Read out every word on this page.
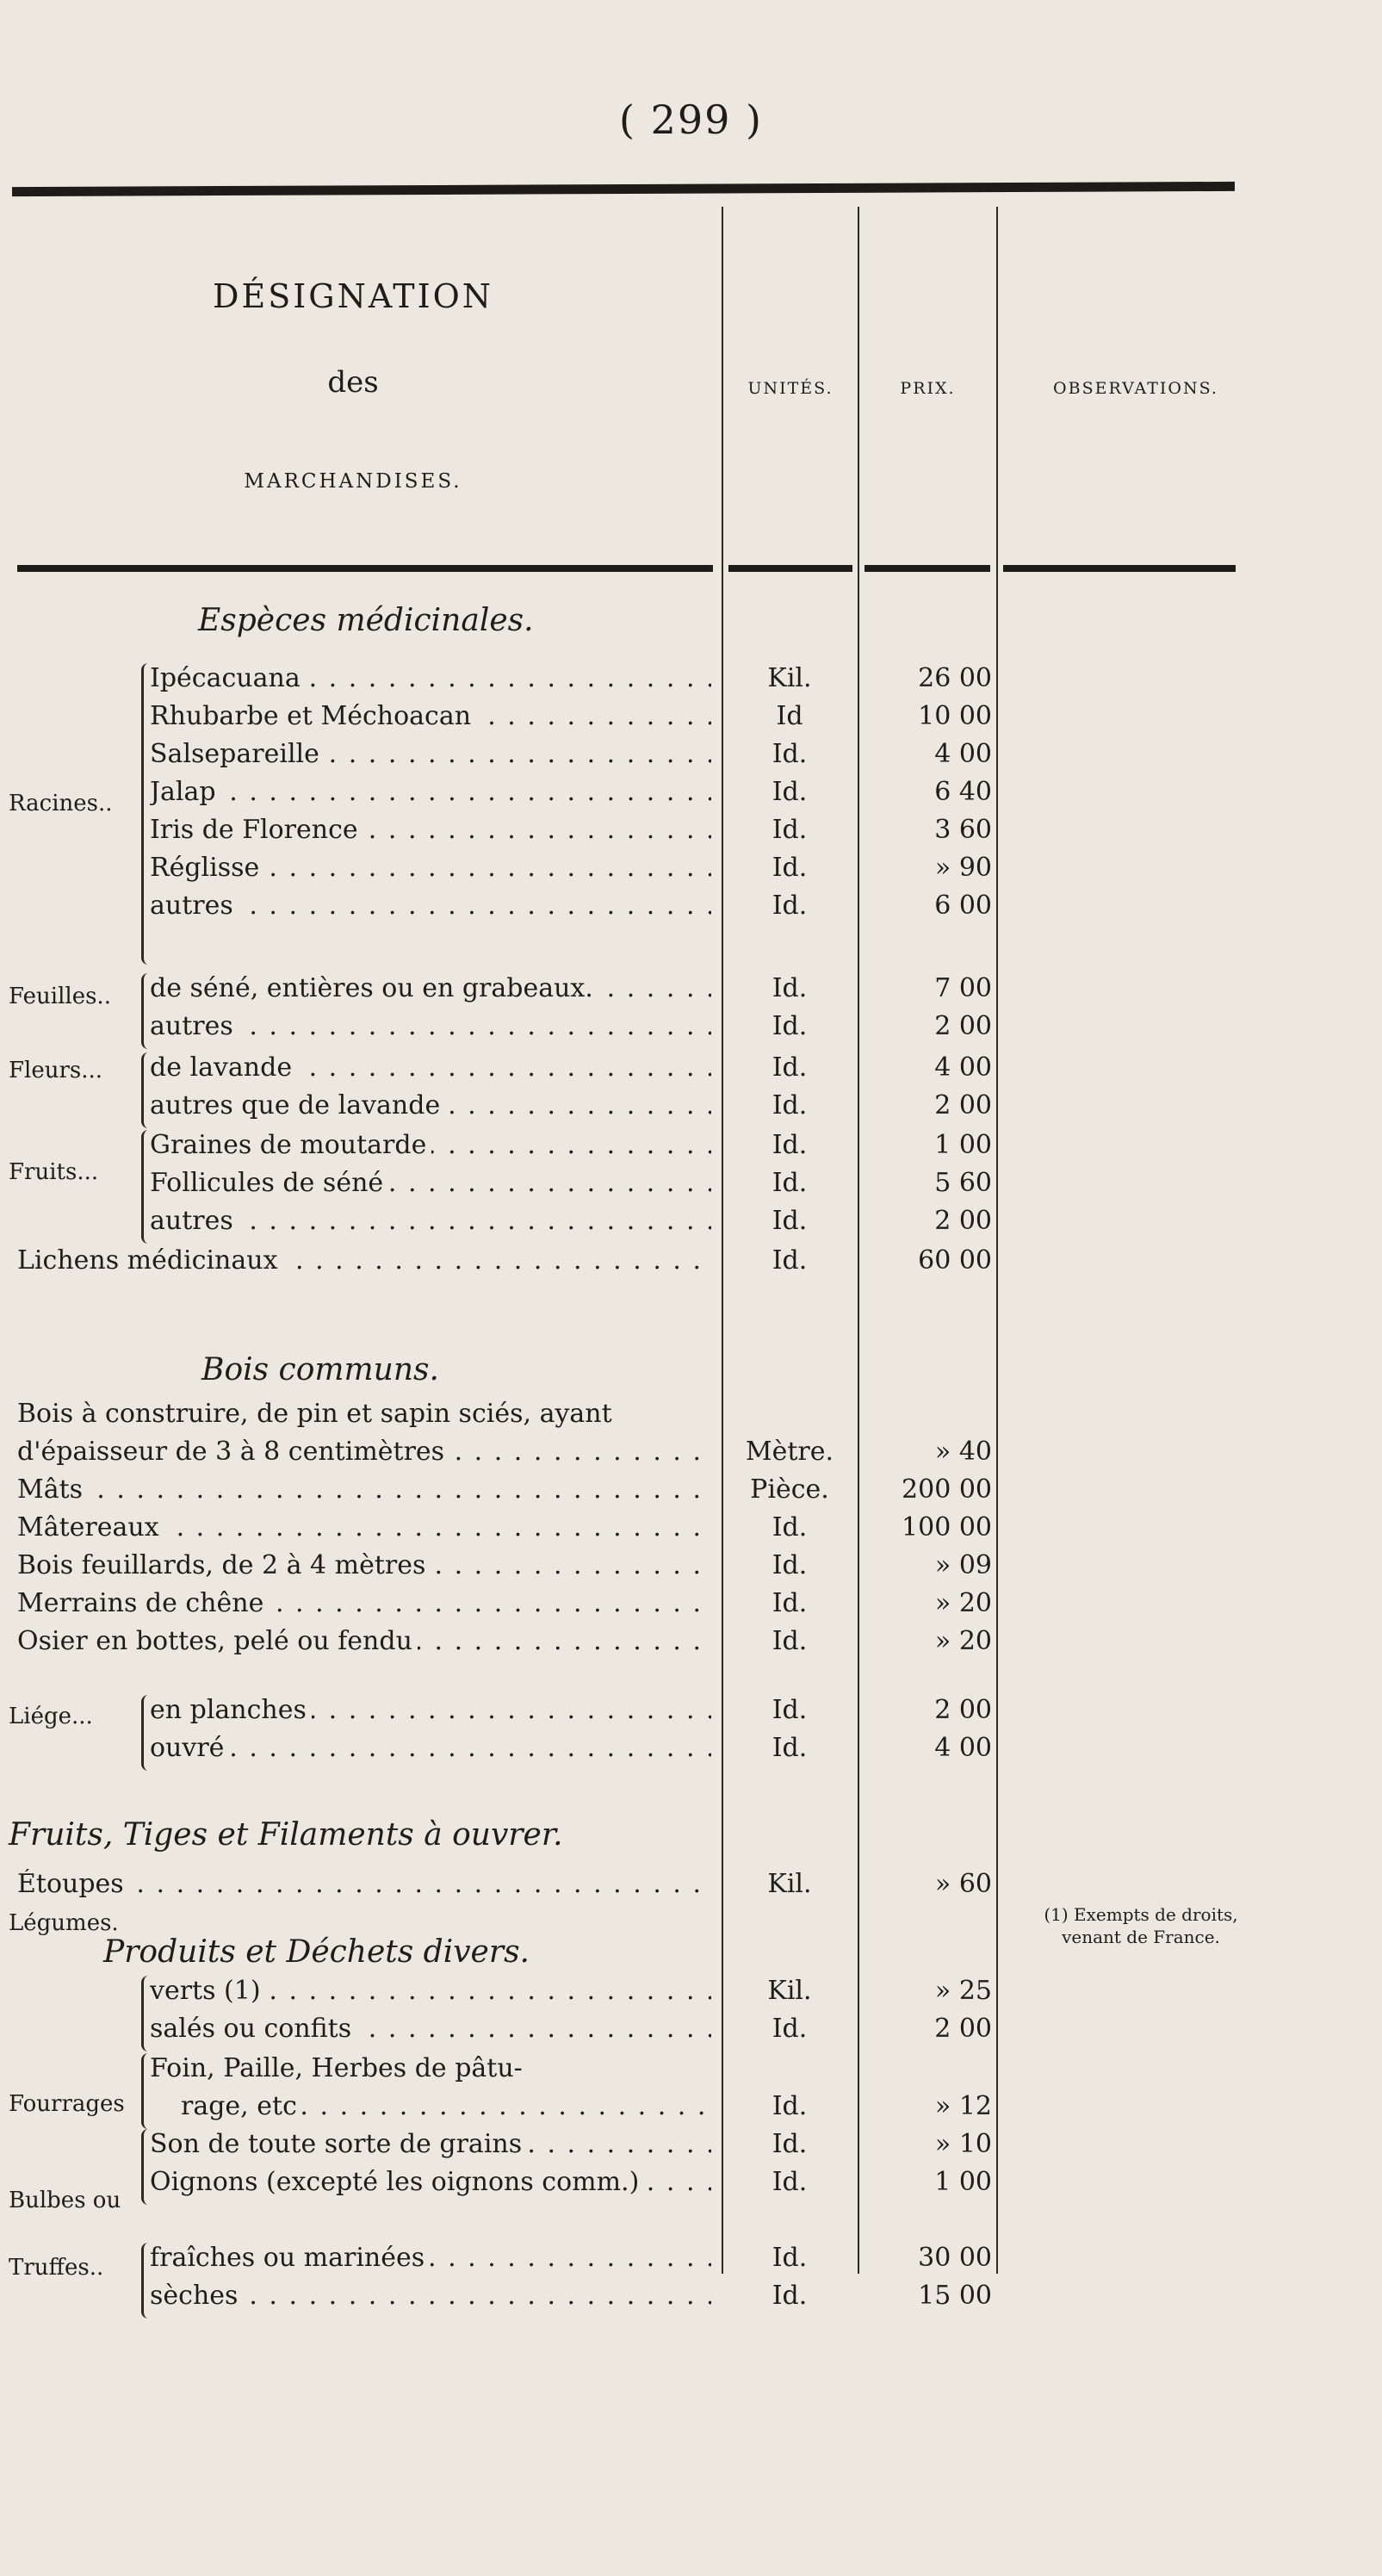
( 299 )
DÉSIGNATION
des
MARCHANDISES.
UNITÉS.	PRIX.	OBSERVATIONS.
Espèces médicinales.
Racines..
Feuilles..
Fleurs...
Fruits...
Bois communs.
Liége...
Fruits, Tiges et Filaments à ouvrer.
Produits et Déchets divers.
Légumes.
Fourrages
Bulbes ou
Truffes..
(1) Exempts de droits, venant de France.
Ipécacuana . . .	Kil.	26 00
Rhubarbe et Méchoacan . . .	Id	10 00
Salsepareille . . .	Id.	4 00
Jalap . . .	Id.	6 40
Iris de Florence . . .	Id.	3 60
Réglisse . . .	Id.	» 90
autres . . .	Id.	6 00
de séné, entières ou en grabeaux. . . .	Id.	7 00
autres . . .	Id.	2 00
de lavande . . .	Id.	4 00
autres que de lavande . . .	Id.	2 00
Graines de moutarde . . .	Id.	1 00
Follicules de séné . . .	Id.	5 60
autres . . .	Id.	2 00
Lichens médicinaux . . .	Id.	60 00
Bois à construire, de pin et sapin sciés, ayant
d'épaisseur de 3 à 8 centimètres . . .	Mètre.	» 40
Mâts . . .	Pièce.	200 00
Mâtereaux . . .	Id.	100 00
Bois feuillards, de 2 à 4 mètres . . .	Id.	» 09
Merrains de chêne . . .	Id.	» 20
Osier en bottes, pelé ou fendu . . .	Id.	» 20
en planches . . .	Id.	2 00
ouvré . . .	Id.	4 00
Étoupes . . .	Kil.	» 60
verts (1) . . .	Kil.	» 25
salés ou confits . . .	Id.	2 00
Foin, Paille, Herbes de pâtu-
rage, etc . . .	Id.	» 12
Son de toute sorte de grains . . .	Id.	» 10
Oignons (excepté les oignons comm.) . . .	Id.	1 00
fraîches ou marinées . . .	Id.	30 00
sèches . . .	Id.	15 00
